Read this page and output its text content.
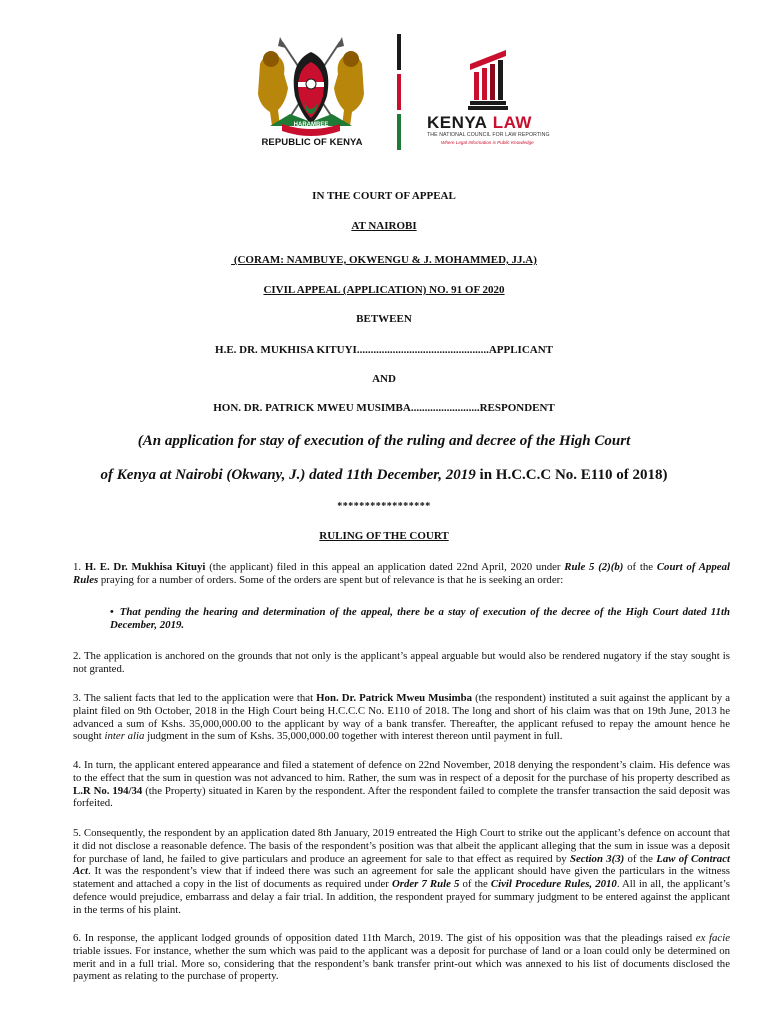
HARAMBEE
REPUBLIC OF KENYA
KENYA LAW
THE NATIONAL COUNCIL FOR LAW REPORTING
Where Legal Information is Public Knowledge
IN THE COURT OF APPEAL
AT NAIROBI
(CORAM: NAMBUYE, OKWENGU & J. MOHAMMED, JJ.A)
CIVIL APPEAL (APPLICATION) NO. 91 OF 2020
BETWEEN
H.E. DR. MUKHISA KITUYI................................................APPLICANT
AND
HON. DR. PATRICK MWEU MUSIMBA.........................RESPONDENT
(An application for stay of execution of the ruling and decree of the High Court
of Kenya at Nairobi (Okwany, J.) dated 11th December, 2019 in H.C.C.C No. E110 of 2018)
*****************
RULING OF THE COURT
1. H. E. Dr. Mukhisa Kituyi (the applicant) filed in this appeal an application dated 22nd April, 2020 under Rule 5 (2)(b) of the Court of Appeal Rules praying for a number of orders. Some of the orders are spent but of relevance is that he is seeking an order:
• That pending the hearing and determination of the appeal, there be a stay of execution of the decree of the High Court dated 11th December, 2019.
2. The application is anchored on the grounds that not only is the applicant’s appeal arguable but would also be rendered nugatory if the stay sought is not granted.
3. The salient facts that led to the application were that Hon. Dr. Patrick Mweu Musimba (the respondent) instituted a suit against the applicant by a plaint filed on 9th October, 2018 in the High Court being H.C.C.C No. E110 of 2018. The long and short of his claim was that on 19th June, 2013 he advanced a sum of Kshs. 35,000,000.00 to the applicant by way of a bank transfer. Thereafter, the applicant refused to repay the amount hence he sought inter alia judgment in the sum of Kshs. 35,000,000.00 together with interest thereon until payment in full.
4. In turn, the applicant entered appearance and filed a statement of defence on 22nd November, 2018 denying the respondent’s claim. His defence was to the effect that the sum in question was not advanced to him. Rather, the sum was in respect of a deposit for the purchase of his property described as L.R No. 194/34 (the Property) situated in Karen by the respondent. After the respondent failed to complete the transfer transaction the said deposit was forfeited.
5. Consequently, the respondent by an application dated 8th January, 2019 entreated the High Court to strike out the applicant’s defence on account that it did not disclose a reasonable defence. The basis of the respondent’s position was that albeit the applicant alleging that the sum in issue was a deposit for purchase of land, he failed to give particulars and produce an agreement for sale to that effect as required by Section 3(3) of the Law of Contract Act. It was the respondent’s view that if indeed there was such an agreement for sale the applicant should have given the particulars in the witness statement and attached a copy in the list of documents as required under Order 7 Rule 5 of the Civil Procedure Rules, 2010. All in all, the applicant’s defence would prejudice, embarrass and delay a fair trial. In addition, the respondent prayed for summary judgment to be entered against the applicant in the terms of his plaint.
6. In response, the applicant lodged grounds of opposition dated 11th March, 2019. The gist of his opposition was that the pleadings raised ex facie triable issues. For instance, whether the sum which was paid to the applicant was a deposit for purchase of land or a loan could only be determined on merit and in a full trial. More so, considering that the respondent’s bank transfer print-out which was annexed to his list of documents disclosed the payment as relating to the purchase of property.
